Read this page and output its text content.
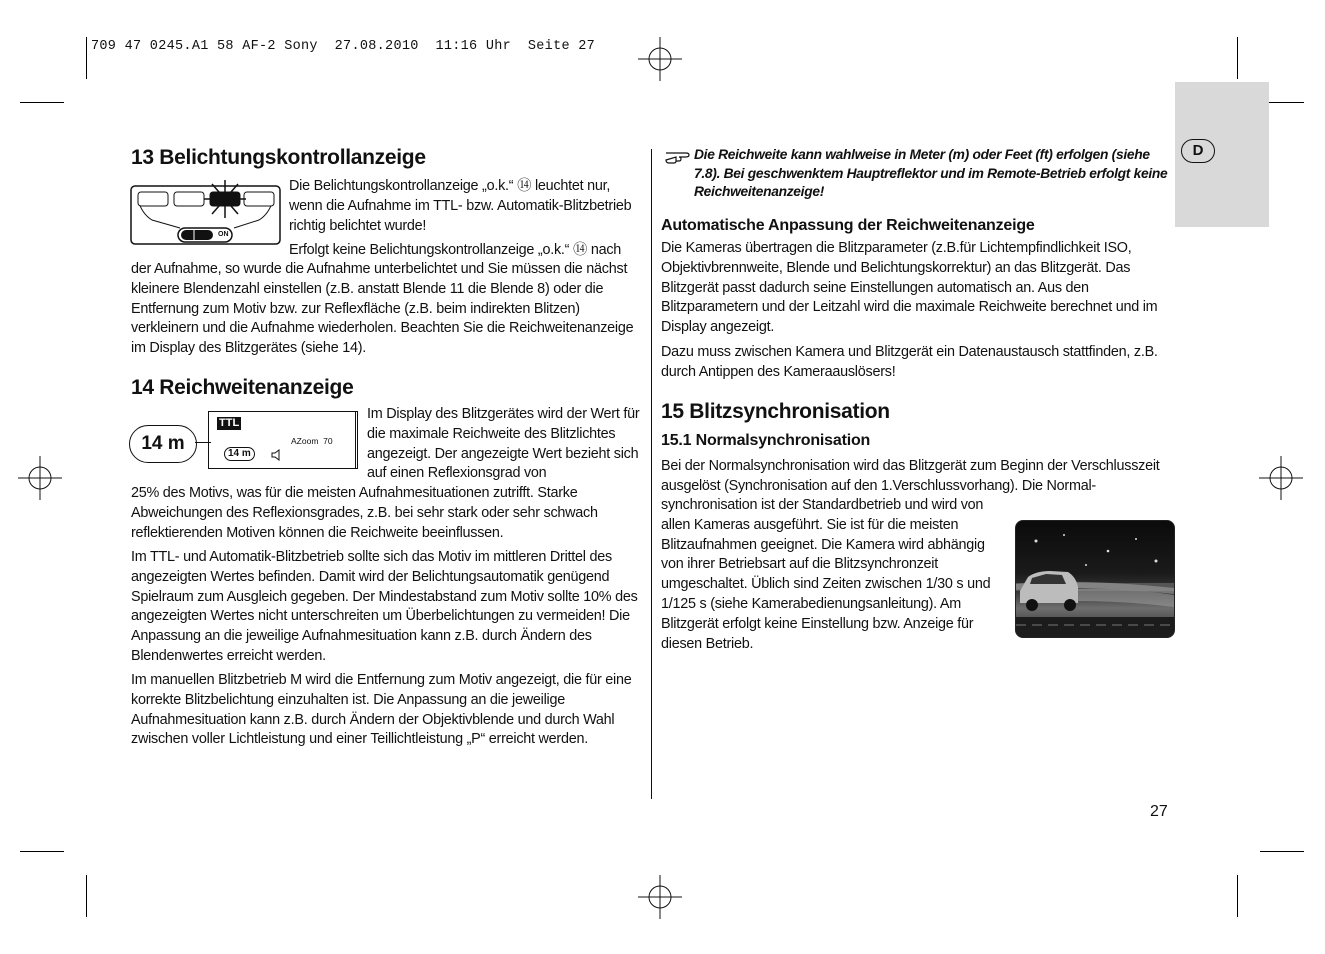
709 47 0245.A1 58 AF-2 Sony  27.08.2010  11:16 Uhr  Seite 27
D
13 Belichtungskontrollanzeige
ON

Die Belichtungskontrollanzeige „o.k.“ ⑭ leuchtet nur, wenn die Aufnahme im TTL- bzw. Automatik-Blitzbetrieb richtig belichtet wurde!

Erfolgt keine Belichtungskontrollanzeige „o.k.“ ⑭ nach
der Aufnahme, so wurde die Aufnahme unterbelichtet und Sie müssen die nächst kleinere Blendenzahl einstellen (z.B. anstatt Blende 11 die Blende 8) oder die Entfernung zum Motiv bzw. zur Reflexfläche (z.B. beim indirekten Blitzen) verkleinern und die Aufnahme wiederholen. Beachten Sie die Reichweitenanzeige im Display des Blitzgerätes (siehe 14).
14 Reichweitenanzeige
TTL
AZoom  70
14 m
14 m
Im Display des Blitzgerätes wird der Wert für die maximale Reichweite des Blitzlichtes angezeigt. Der angezeigte Wert bezieht sich auf einen Reflexionsgrad von
25% des Motivs, was für die meisten Aufnahmesituationen zutrifft. Starke Abweichungen des Reflexionsgrades, z.B. bei sehr stark oder sehr schwach reflektierenden Motiven können die Reichweite beeinflussen.
Im TTL- und Automatik-Blitzbetrieb sollte sich das Motiv im mittleren Drittel des angezeigten Wertes befinden. Damit wird der Belichtungsautomatik genügend Spielraum zum Ausgleich gegeben. Der Mindestabstand zum Motiv sollte 10% des angezeigten Wertes nicht unterschreiten um Überbelichtungen zu vermeiden! Die Anpassung an die jeweilige Aufnahmesituation kann z.B. durch Ändern des Blendenwertes erreicht werden.
Im manuellen Blitzbetrieb M wird die Entfernung zum Motiv angezeigt, die für eine korrekte Blitzbelichtung einzuhalten ist. Die Anpassung an die jeweilige Aufnahmesituation kann z.B. durch Ändern der Objektivblende und durch Wahl zwischen voller Lichtleistung und einer Teillichtleistung „P“ erreicht werden.
Die Reichweite kann wahlweise in Meter (m) oder Feet (ft) erfolgen (siehe 7.8). Bei geschwenktem Hauptreflektor und im Remote-Betrieb erfolgt keine Reichweitenanzeige!
Automatische Anpassung der Reichweitenanzeige
Die Kameras übertragen die Blitzparameter (z.B.für Lichtempfindlichkeit ISO, Objektivbrennweite, Blende und Belichtungskorrektur) an das Blitzgerät. Das Blitzgerät passt dadurch seine Einstellungen automatisch an. Aus den Blitzparametern und der Leitzahl wird die maximale Reichweite berechnet und im Display angezeigt.
Dazu muss zwischen Kamera und Blitzgerät ein Datenaustausch stattfinden, z.B. durch Antippen des Kameraauslösers!
15 Blitzsynchronisation
15.1 Normalsynchronisation
Bei der Normalsynchronisation wird das Blitzgerät zum Beginn der Verschlusszeit ausgelöst (Synchronisation auf den 1.Verschlussvorhang). Die Normal-
synchronisation ist der Standardbetrieb und wird von allen Kameras ausgeführt. Sie ist für die meisten Blitzaufnahmen geeignet. Die Kamera wird abhängig von ihrer Betriebsart auf die Blitzsynchronzeit umgeschaltet. Üblich sind Zeiten zwischen 1/30 s und 1/125 s (siehe Kamerabedienungsanleitung). Am Blitzgerät erfolgt keine Einstellung bzw. Anzeige für diesen Betrieb.
27
